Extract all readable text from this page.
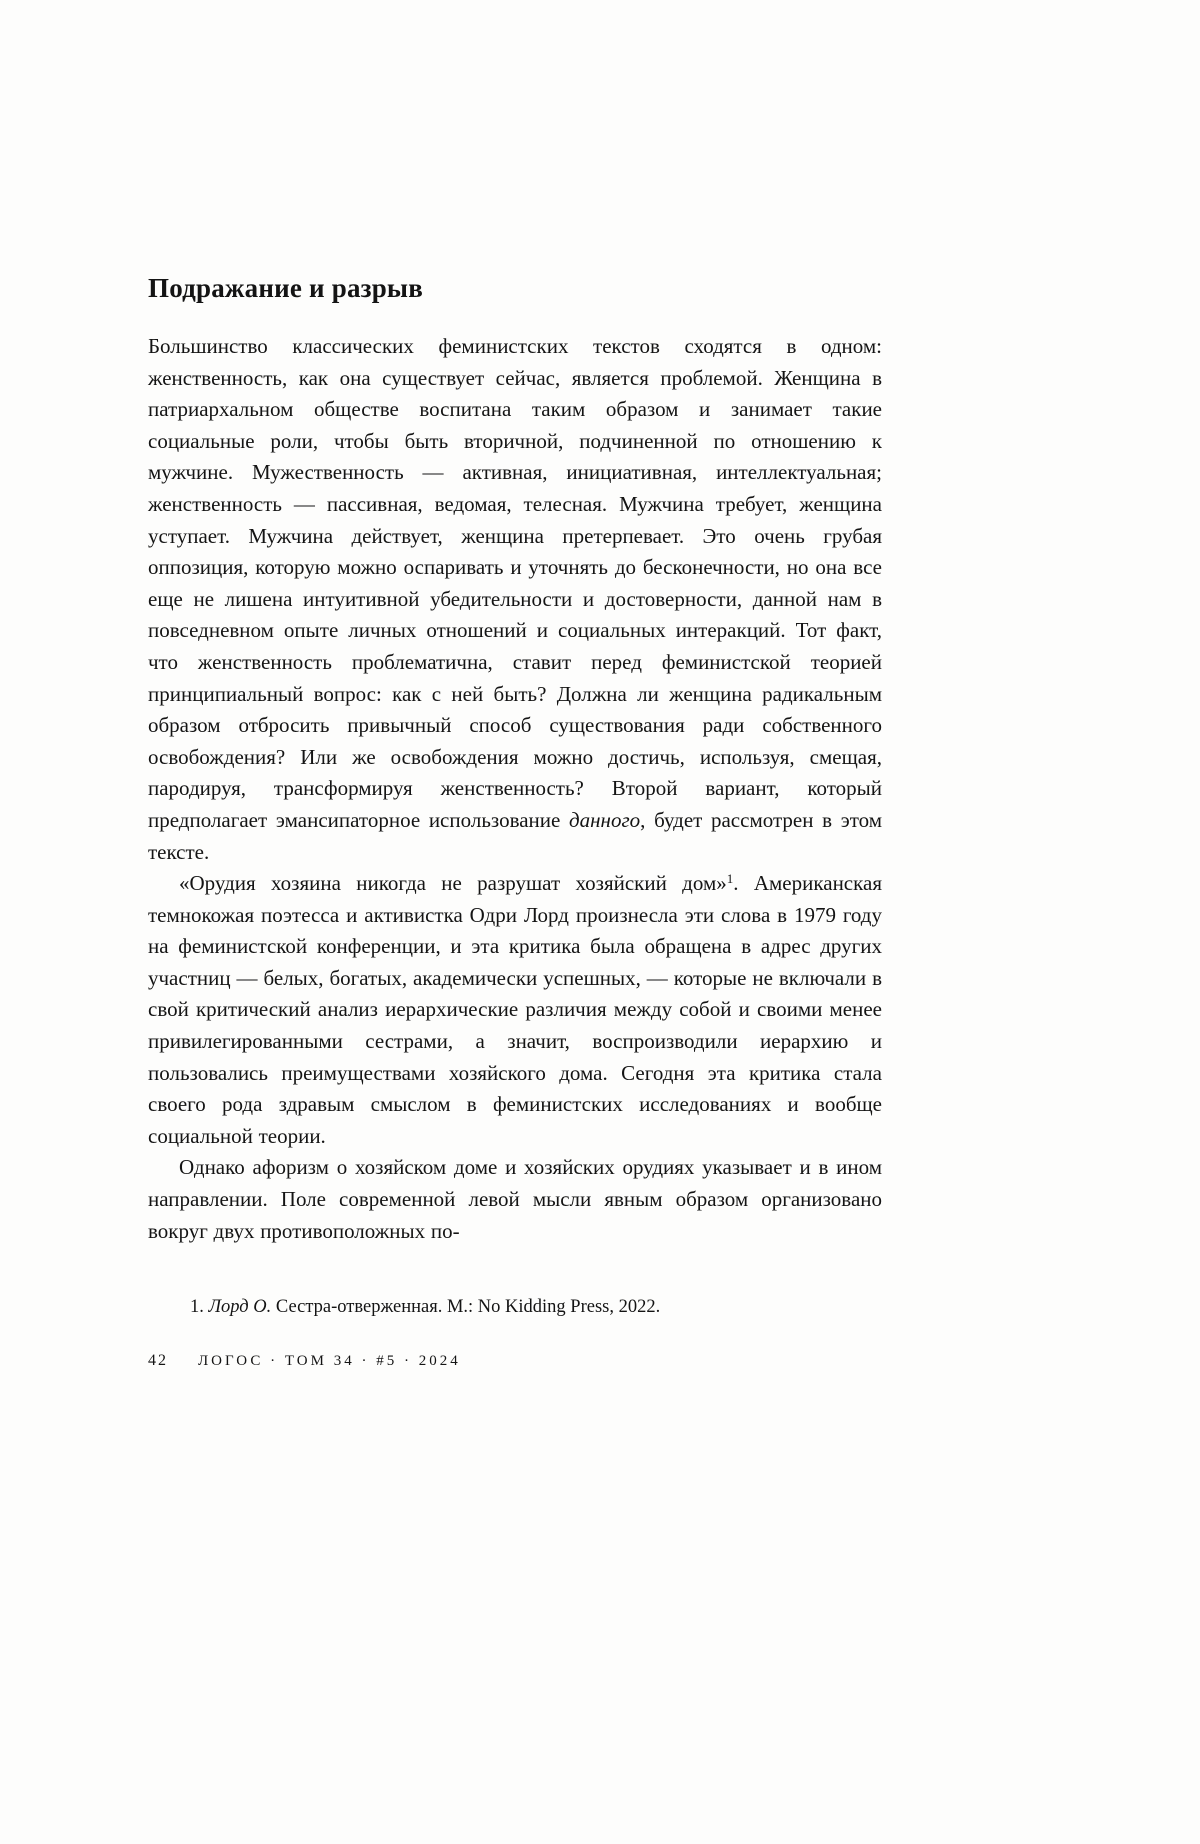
Подражание и разрыв

Большинство классических феминистских текстов сходятся в одном: женственность, как она существует сейчас, является проблемой. Женщина в патриархальном обществе воспитана таким образом и занимает такие социальные роли, чтобы быть вторичной, подчиненной по отношению к мужчине. Мужественность — активная, инициативная, интеллектуальная; женственность — пассивная, ведомая, телесная. Мужчина требует, женщина уступает. Мужчина действует, женщина претерпевает. Это очень грубая оппозиция, которую можно оспаривать и уточнять до бесконечности, но она все еще не лишена интуитивной убедительности и достоверности, данной нам в повседневном опыте личных отношений и социальных интеракций. Тот факт, что женственность проблематична, ставит перед феминистской теорией принципиальный вопрос: как с ней быть? Должна ли женщина радикальным образом отбросить привычный способ существования ради собственного освобождения? Или же освобождения можно достичь, используя, смещая, пародируя, трансформируя женственность? Второй вариант, который предполагает эмансипаторное использование данного, будет рассмотрен в этом тексте.

«Орудия хозяина никогда не разрушат хозяйский дом»$^1$. Американская темнокожая поэтесса и активистка Одри Лорд произнесла эти слова в 1979 году на феминистской конференции, и эта критика была обращена в адрес других участниц — белых, богатых, академически успешных, — которые не включали в свой критический анализ иерархические различия между собой и своими менее привилегированными сестрами, а значит, воспроизводили иерархию и пользовались преимуществами хозяйского дома. Сегодня эта критика стала своего рода здравым смыслом в феминистских исследованиях и вообще социальной теории.

Однако афоризм о хозяйском доме и хозяйских орудиях указывает и в ином направлении. Поле современной левой мысли явным образом организовано вокруг двух противоположных по-

1. Лорд О. Сестра-отверженная. М.: No Kidding Press, 2022.

42 ЛОГОС · ТОМ 34 · #5 · 2024
